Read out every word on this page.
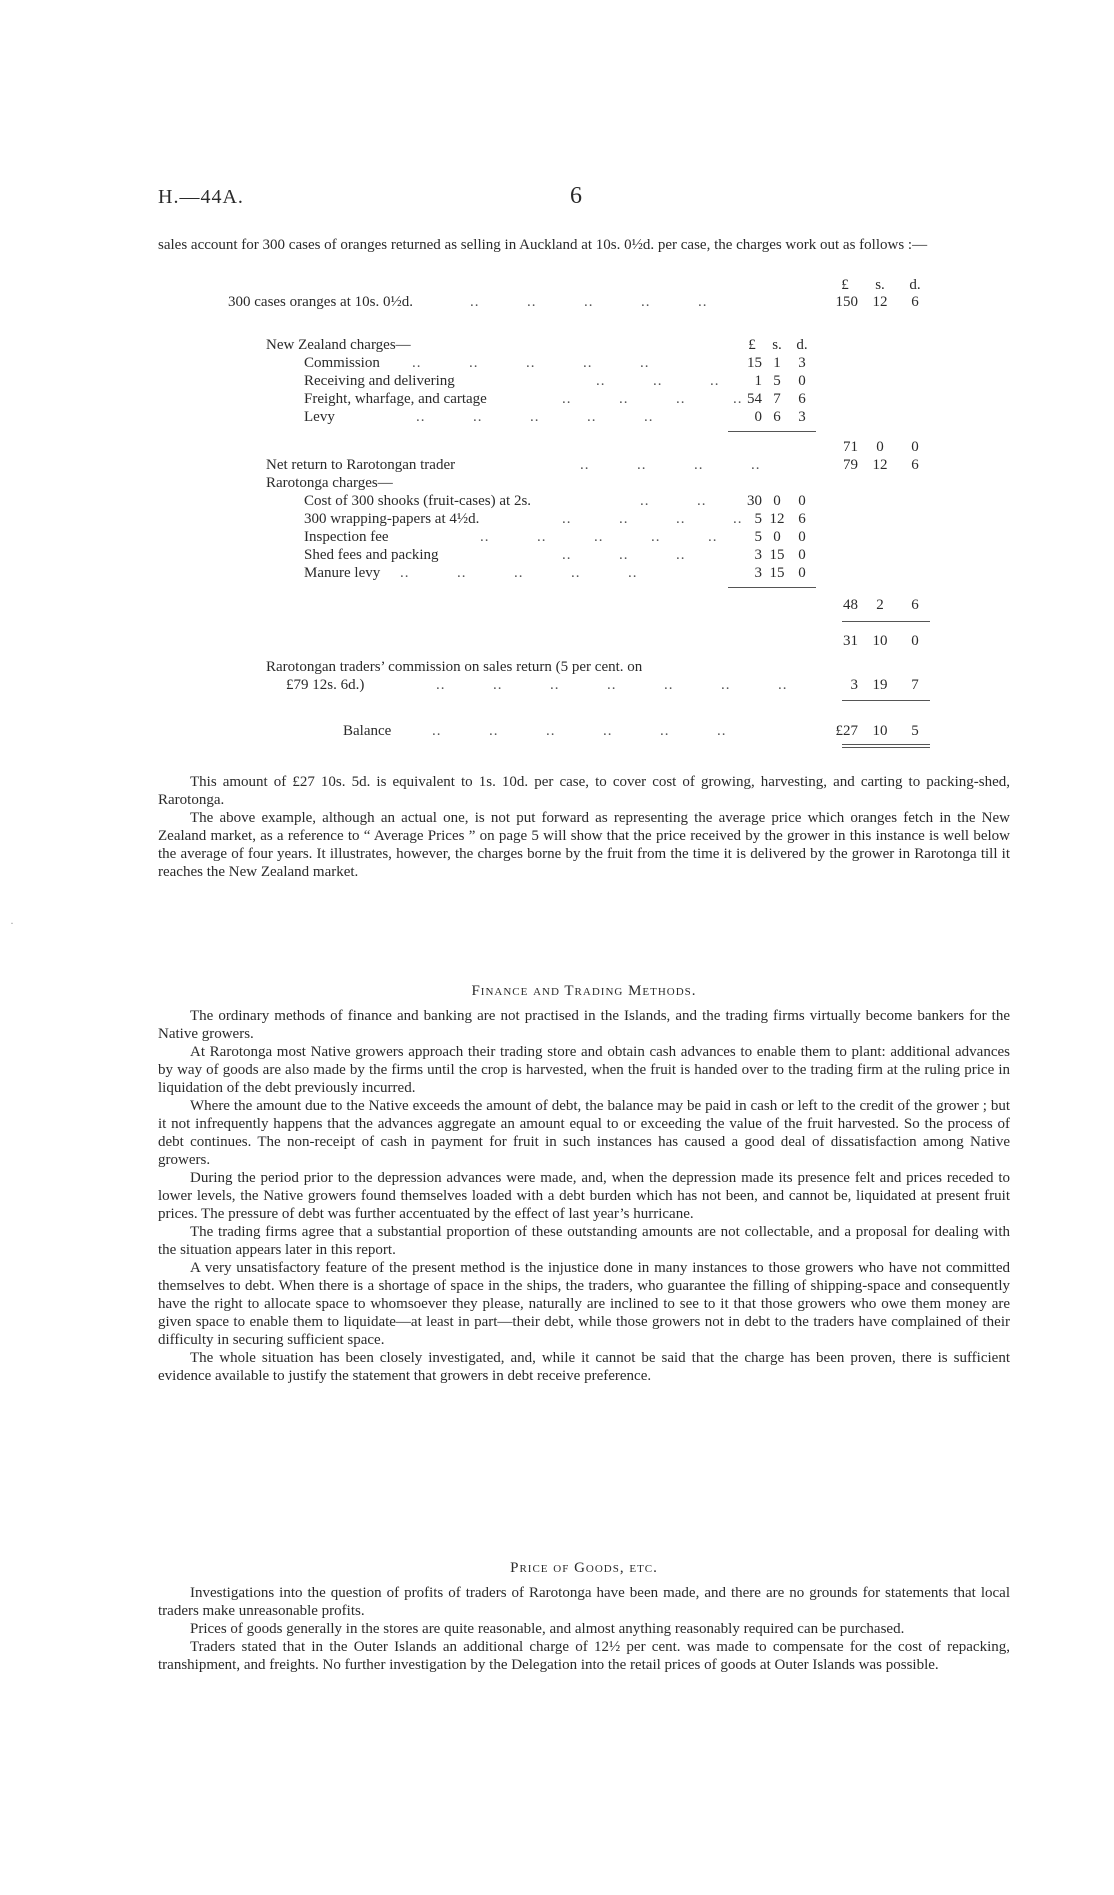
H.—44A.	6
sales account for 300 cases of oranges returned as selling in Auckland at 10s. 0½d. per case, the charges work out as follows :—
£	s.	d.
300 cases oranges at 10s. 0½d.	..          ..          ..          ..          ..	150 12	6
New Zealand charges—	£	s. d.
Commission ..          ..          ..          ..          ..	15 1	3
Receiving and delivering	..          ..          ..	1 5	0
Freight, wharfage, and cartage	..          ..          ..          .. 54 7	6
Levy	..          ..          ..          ..          ..	0 6	3
71	0	0
Net return to Rarotongan trader	..          ..          ..          ..	79 12	6
Rarotonga charges—
Cost of 300 shooks (fruit-cases) at 2s.	..          ..	30 0	0
300 wrapping-papers at 4½d.	..          ..          ..          .. 5 12 6
Inspection fee	..          ..          ..          ..          ..	5 0	0
Shed fees and packing	..          ..          ..	3 15 0
Manure levy ..          ..          ..          ..          ..	3 15 0
48	2	6
31 10	0
Rarotongan traders’ commission on sales return (5 per cent. on
£79 12s. 6d.)	..          ..          ..          ..          ..          ..          ..	3 19	7
Balance	..          ..          ..          ..          ..          ..	£27 10	5

This amount of £27 10s. 5d. is equivalent to 1s. 10d. per case, to cover cost of growing, harvesting, and carting to packing-shed, Rarotonga.

The above example, although an actual one, is not put forward as representing the average price which oranges fetch in the New Zealand market, as a reference to “ Average Prices ” on page 5 will show that the price received by the grower in this instance is well below the average of four years. It illustrates, however, the charges borne by the fruit from the time it is delivered by the grower in Rarotonga till it reaches the New Zealand market.

·
Finance and Trading Methods.

The ordinary methods of finance and banking are not practised in the Islands, and the trading firms virtually become bankers for the Native growers.

At Rarotonga most Native growers approach their trading store and obtain cash advances to enable them to plant: additional advances by way of goods are also made by the firms until the crop is harvested, when the fruit is handed over to the trading firm at the ruling price in liquidation of the debt previously incurred.

Where the amount due to the Native exceeds the amount of debt, the balance may be paid in cash or left to the credit of the grower ; but it not infrequently happens that the advances aggregate an amount equal to or exceeding the value of the fruit harvested. So the process of debt continues. The non-receipt of cash in payment for fruit in such instances has caused a good deal of dissatisfaction among Native growers.

During the period prior to the depression advances were made, and, when the depression made its presence felt and prices receded to lower levels, the Native growers found themselves loaded with a debt burden which has not been, and cannot be, liquidated at present fruit prices. The pressure of debt was further accentuated by the effect of last year’s hurricane.

The trading firms agree that a substantial proportion of these outstanding amounts are not collectable, and a proposal for dealing with the situation appears later in this report.

A very unsatisfactory feature of the present method is the injustice done in many instances to those growers who have not committed themselves to debt. When there is a shortage of space in the ships, the traders, who guarantee the filling of shipping-space and consequently have the right to allocate space to whomsoever they please, naturally are inclined to see to it that those growers who owe them money are given space to enable them to liquidate—at least in part—their debt, while those growers not in debt to the traders have complained of their difficulty in securing sufficient space.

The whole situation has been closely investigated, and, while it cannot be said that the charge has been proven, there is sufficient evidence available to justify the statement that growers in debt receive preference.

Price of Goods, etc.

Investigations into the question of profits of traders of Rarotonga have been made, and there are no grounds for statements that local traders make unreasonable profits.

Prices of goods generally in the stores are quite reasonable, and almost anything reasonably required can be purchased.

Traders stated that in the Outer Islands an additional charge of 12½ per cent. was made to compensate for the cost of repacking, transhipment, and freights. No further investigation by the Delegation into the retail prices of goods at Outer Islands was possible.
